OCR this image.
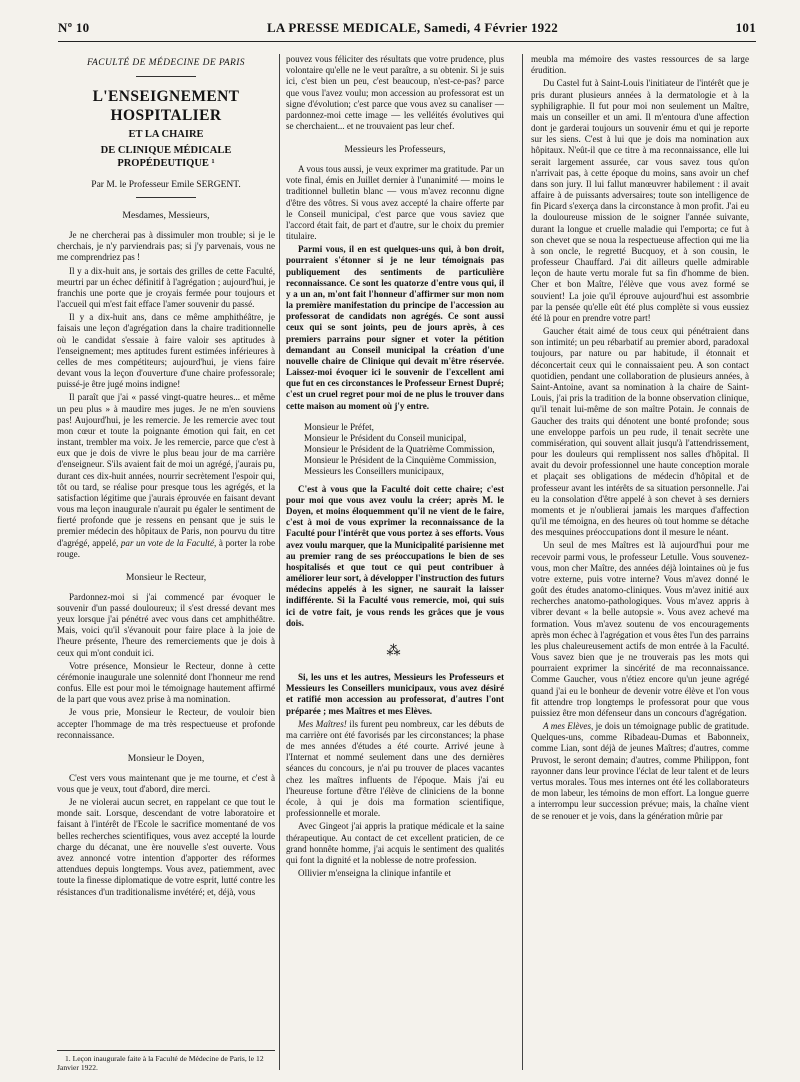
Nº 10	LA PRESSE MEDICALE, Samedi, 4 Février 1922	101
FACULTÉ DE MÉDECINE DE PARIS
L'ENSEIGNEMENT HOSPITALIER
ET LA CHAIRE
DE CLINIQUE MÉDICALE PROPÉDEUTIQUE ¹
Par M. le Professeur Emile SERGENT.
Mesdames, Messieurs,

Je ne chercherai pas à dissimuler mon trouble; si je le cherchais, je n'y parviendrais pas; si j'y parvenais, vous ne me comprendriez pas !

Il y a dix-huit ans, je sortais des grilles de cette Faculté, meurtri par un échec définitif à l'agrégation ; aujourd'hui, je franchis une porte que je croyais fermée pour toujours et l'accueil qui m'est fait efface l'amer souvenir du passé.

Il y a dix-huit ans, dans ce même amphithéâtre, je faisais une leçon d'agrégation dans la chaire traditionnelle où le candidat s'essaie à faire valoir ses aptitudes à l'enseignement; mes aptitudes furent estimées inférieures à celles de mes compétiteurs; aujourd'hui, je viens faire devant vous la leçon d'ouverture d'une chaire professorale; puissé-je être jugé moins indigne!

Il paraît que j'ai « passé vingt-quatre heures... et même un peu plus » à maudire mes juges. Je ne m'en souviens pas! Aujourd'hui, je les remercie. Je les remercie avec tout mon cœur et toute la poignante émotion qui fait, en cet instant, trembler ma voix. Je les remercie, parce que c'est à eux que je dois de vivre le plus beau jour de ma carrière d'enseigneur. S'ils avaient fait de moi un agrégé, j'aurais pu, durant ces dix-huit années, nourrir secrètement l'espoir qui, tôt ou tard, se réalise pour presque tous les agrégés, et la satisfaction légitime que j'aurais éprouvée en faisant devant vous ma leçon inaugurale n'aurait pu égaler le sentiment de fierté profonde que je ressens en pensant que je suis le premier médecin des hôpitaux de Paris, non pourvu du titre d'agrégé, appelé, par un vote de la Faculté, à porter la robe rouge.

Monsieur le Recteur,

Pardonnez-moi si j'ai commencé par évoquer le souvenir d'un passé douloureux; il s'est dressé devant mes yeux lorsque j'ai pénétré avec vous dans cet amphithéâtre. Mais, voici qu'il s'évanouit pour faire place à la joie de l'heure présente, l'heure des remerciements que je dois à ceux qui m'ont conduit ici.

Votre présence, Monsieur le Recteur, donne à cette cérémonie inaugurale une solennité dont l'honneur me rend confus. Elle est pour moi le témoignage hautement affirmé de la part que vous avez prise à ma nomination.

Je vous prie, Monsieur le Recteur, de vouloir bien accepter l'hommage de ma très respectueuse et profonde reconnaissance.

Monsieur le Doyen,

C'est vers vous maintenant que je me tourne, et c'est à vous que je veux, tout d'abord, dire merci.

Je ne violerai aucun secret, en rappelant ce que tout le monde sait. Lorsque, descendant de votre laboratoire et faisant à l'intérêt de l'Ecole le sacrifice momentané de vos belles recherches scientifiques, vous avez accepté la lourde charge du décanat, une ère nouvelle s'est ouverte. Vous avez annoncé votre intention d'apporter des réformes attendues depuis longtemps. Vous avez, patiemment, avec toute la finesse diplomatique de votre esprit, lutté contre les résistances d'un traditionalisme invétéré; et, déjà, vous

1. Leçon inaugurale faite à la Faculté de Médecine de Paris, le 12 Janvier 1922.

pouvez vous féliciter des résultats que votre prudence, plus volontaire qu'elle ne le veut paraître, a su obtenir. Si je suis ici, c'est bien un peu, c'est beaucoup, n'est-ce-pas? parce que vous l'avez voulu; mon accession au professorat est un signe d'évolution; c'est parce que vous avez su canaliser — pardonnez-moi cette image — les velléités évolutives qui se cherchaient... et ne trouvaient pas leur chef.

Messieurs les Professeurs,

A vous tous aussi, je veux exprimer ma gratitude. Par un vote final, émis en Juillet dernier à l'unanimité — moins le traditionnel bulletin blanc — vous m'avez reconnu digne d'être des vôtres. Si vous avez accepté la chaire offerte par le Conseil municipal, c'est parce que vous saviez que l'accord était fait, de part et d'autre, sur le choix du premier titulaire.

Parmi vous, il en est quelques-uns qui, à bon droit, pourraient s'étonner si je ne leur témoignais pas publiquement des sentiments de particulière reconnaissance. Ce sont les quatorze d'entre vous qui, il y a un an, m'ont fait l'honneur d'affirmer sur mon nom la première manifestation du principe de l'accession au professorat de candidats non agrégés. Ce sont aussi ceux qui se sont joints, peu de jours après, à ces premiers parrains pour signer et voter la pétition demandant au Conseil municipal la création d'une nouvelle chaire de Clinique qui devait m'être réservée. Laissez-moi évoquer ici le souvenir de l'excellent ami que fut en ces circonstances le Professeur Ernest Dupré; c'est un cruel regret pour moi de ne plus le trouver dans cette maison au moment où j'y entre.

Monsieur le Préfet,
Monsieur le Président du Conseil municipal,
Monsieur le Président de la Quatrième Commission,
Monsieur le Président de la Cinquième Commission,
Messieurs les Conseillers municipaux,

C'est à vous que la Faculté doit cette chaire; c'est pour moi que vous avez voulu la créer; après M. le Doyen, et moins éloquemment qu'il ne vient de le faire, c'est à moi de vous exprimer la reconnaissance de la Faculté pour l'intérêt que vous portez à ses efforts. Vous avez voulu marquer, que la Municipalité parisienne met au premier rang de ses préoccupations le bien de ses hospitalisés et que tout ce qui peut contribuer à améliorer leur sort, à développer l'instruction des futurs médecins appelés à les signer, ne saurait la laisser indifférente. Si la Faculté vous remercie, moi, qui suis ici de votre fait, je vous rends les grâces que je vous dois.

⁂

Si, les uns et les autres, Messieurs les Professeurs et Messieurs les Conseillers municipaux, vous avez désiré et ratifié mon accession au professorat, d'autres l'ont préparée ; mes Maîtres et mes Elèves.

Mes Maîtres! ils furent peu nombreux, car les débuts de ma carrière ont été favorisés par les circonstances; la phase de mes années d'études a été courte. Arrivé jeune à l'Internat et nommé seulement dans une des dernières séances du concours, je n'ai pu trouver de places vacantes chez les maîtres influents de l'époque. Mais j'ai eu l'heureuse fortune d'être l'élève de cliniciens de la bonne école, à qui je dois ma formation scientifique, professionnelle et morale.

Avec Gingeot j'ai appris la pratique médicale et la saine thérapeutique. Au contact de cet excellent praticien, de ce grand honnête homme, j'ai acquis le sentiment des qualités qui font la dignité et la noblesse de notre profession.

Ollivier m'enseigna la clinique infantile et

meubla ma mémoire des vastes ressources de sa large érudition.

Du Castel fut à Saint-Louis l'initiateur de l'intérêt que je pris durant plusieurs années à la dermatologie et à la syphiligraphie. Il fut pour moi non seulement un Maître, mais un conseiller et un ami. Il m'entoura d'une affection dont je garderai toujours un souvenir ému et qui je reporte sur les siens. C'est à lui que je dois ma nomination aux hôpitaux. N'eût-il que ce titre à ma reconnaissance, elle lui serait largement assurée, car vous savez tous qu'on n'arrivait pas, à cette époque du moins, sans avoir un chef dans son jury. Il lui fallut manœuvrer habilement : il avait affaire à de puissants adversaires; toute son intelligence de fin Picard s'exerça dans la circonstance à mon profit. J'ai eu la douloureuse mission de le soigner l'année suivante, durant la longue et cruelle maladie qui l'emporta; ce fut à son chevet que se noua la respectueuse affection qui me lia à son oncle, le regretté Bucquoy, et à son cousin, le professeur Chauffard. J'ai dit ailleurs quelle admirable leçon de haute vertu morale fut sa fin d'homme de bien. Cher et bon Maître, l'élève que vous avez formé se souvient! La joie qu'il éprouve aujourd'hui est assombrie par la pensée qu'elle eût été plus complète si vous eussiez été là pour en prendre votre part!

Gaucher était aimé de tous ceux qui pénétraient dans son intimité; un peu rébarbatif au premier abord, paradoxal toujours, par nature ou par habitude, il étonnait et déconcertait ceux qui le connaissaient peu. A son contact quotidien, pendant une collaboration de plusieurs années, à Saint-Antoine, avant sa nomination à la chaire de Saint-Louis, j'ai pris la tradition de la bonne observation clinique, qu'il tenait lui-même de son maître Potain. Je connais de Gaucher des traits qui dénotent une bonté profonde; sous une enveloppe parfois un peu rude, il tenait secrète une commisération, qui souvent allait jusqu'à l'attendrissement, pour les douleurs qui remplissent nos salles d'hôpital. Il avait du devoir professionnel une haute conception morale et plaçait ses obligations de médecin d'hôpital et de professeur avant les intérêts de sa situation personnelle. J'ai eu la consolation d'être appelé à son chevet à ses derniers moments et je n'oublierai jamais les marques d'affection qu'il me témoigna, en des heures où tout homme se détache des mesquines préoccupations dont il mesure le néant.

Un seul de mes Maîtres est là aujourd'hui pour me recevoir parmi vous, le professeur Letulle. Vous souvenez-vous, mon cher Maître, des années déjà lointaines où je fus votre externe, puis votre interne? Vous m'avez donné le goût des études anatomo-cliniques. Vous m'avez initié aux recherches anatomo-pathologiques. Vous m'avez appris à vibrer devant « la belle autopsie ». Vous avez achevé ma formation. Vous m'avez soutenu de vos encouragements après mon échec à l'agrégation et vous êtes l'un des parrains les plus chaleureusement actifs de mon entrée à la Faculté. Vous savez bien que je ne trouverais pas les mots qui pourraient exprimer la sincérité de ma reconnaissance. Comme Gaucher, vous n'étiez encore qu'un jeune agrégé quand j'ai eu le bonheur de devenir votre élève et l'on vous fit attendre trop longtemps le professorat pour que vous puissiez être mon défenseur dans un concours d'agrégation.

A mes Elèves, je dois un témoignage public de gratitude. Quelques-uns, comme Ribadeau-Dumas et Babonneix, comme Lian, sont déjà de jeunes Maîtres; d'autres, comme Pruvost, le seront demain; d'autres, comme Philippon, font rayonner dans leur province l'éclat de leur talent et de leurs vertus morales. Tous mes internes ont été les collaborateurs de mon labeur, les témoins de mon effort. La longue guerre a interrompu leur succession prévue; mais, la chaîne vient de se renouer et je vois, dans la génération mûrie par
